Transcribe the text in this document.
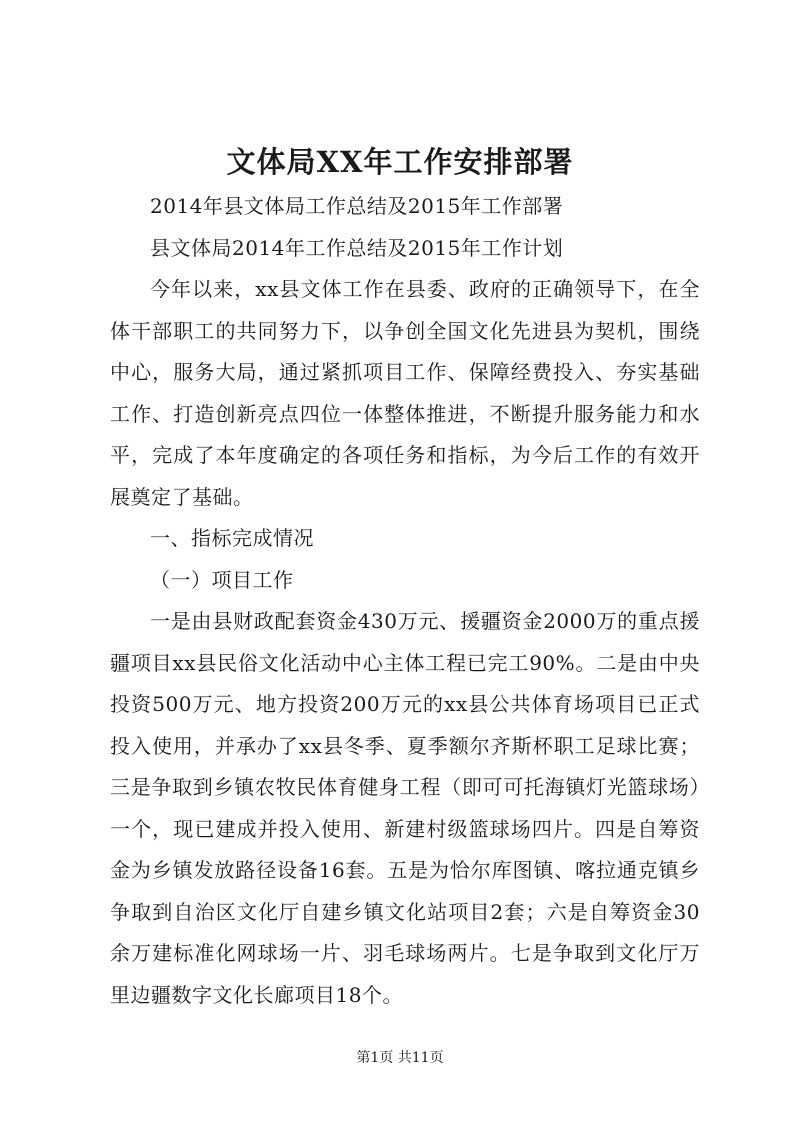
文体局XX年工作安排部署

2014年县文体局工作总结及2015年工作部署

县文体局2014年工作总结及2015年工作计划

今年以来，xx县文体工作在县委、政府的正确领导下，在全体干部职工的共同努力下，以争创全国文化先进县为契机，围绕中心，服务大局，通过紧抓项目工作、保障经费投入、夯实基础工作、打造创新亮点四位一体整体推进，不断提升服务能力和水平，完成了本年度确定的各项任务和指标，为今后工作的有效开展奠定了基础。

一、指标完成情况

（一）项目工作

一是由县财政配套资金430万元、援疆资金2000万的重点援疆项目xx县民俗文化活动中心主体工程已完工90%。二是由中央投资500万元、地方投资200万元的xx县公共体育场项目已正式投入使用，并承办了xx县冬季、夏季额尔齐斯杯职工足球比赛；三是争取到乡镇农牧民体育健身工程（即可可托海镇灯光篮球场）一个，现已建成并投入使用、新建村级篮球场四片。四是自筹资金为乡镇发放路径设备16套。五是为恰尔库图镇、喀拉通克镇乡争取到自治区文化厅自建乡镇文化站项目2套；六是自筹资金30余万建标准化网球场一片、羽毛球场两片。七是争取到文化厅万里边疆数字文化长廊项目18个。

第1页 共11页
